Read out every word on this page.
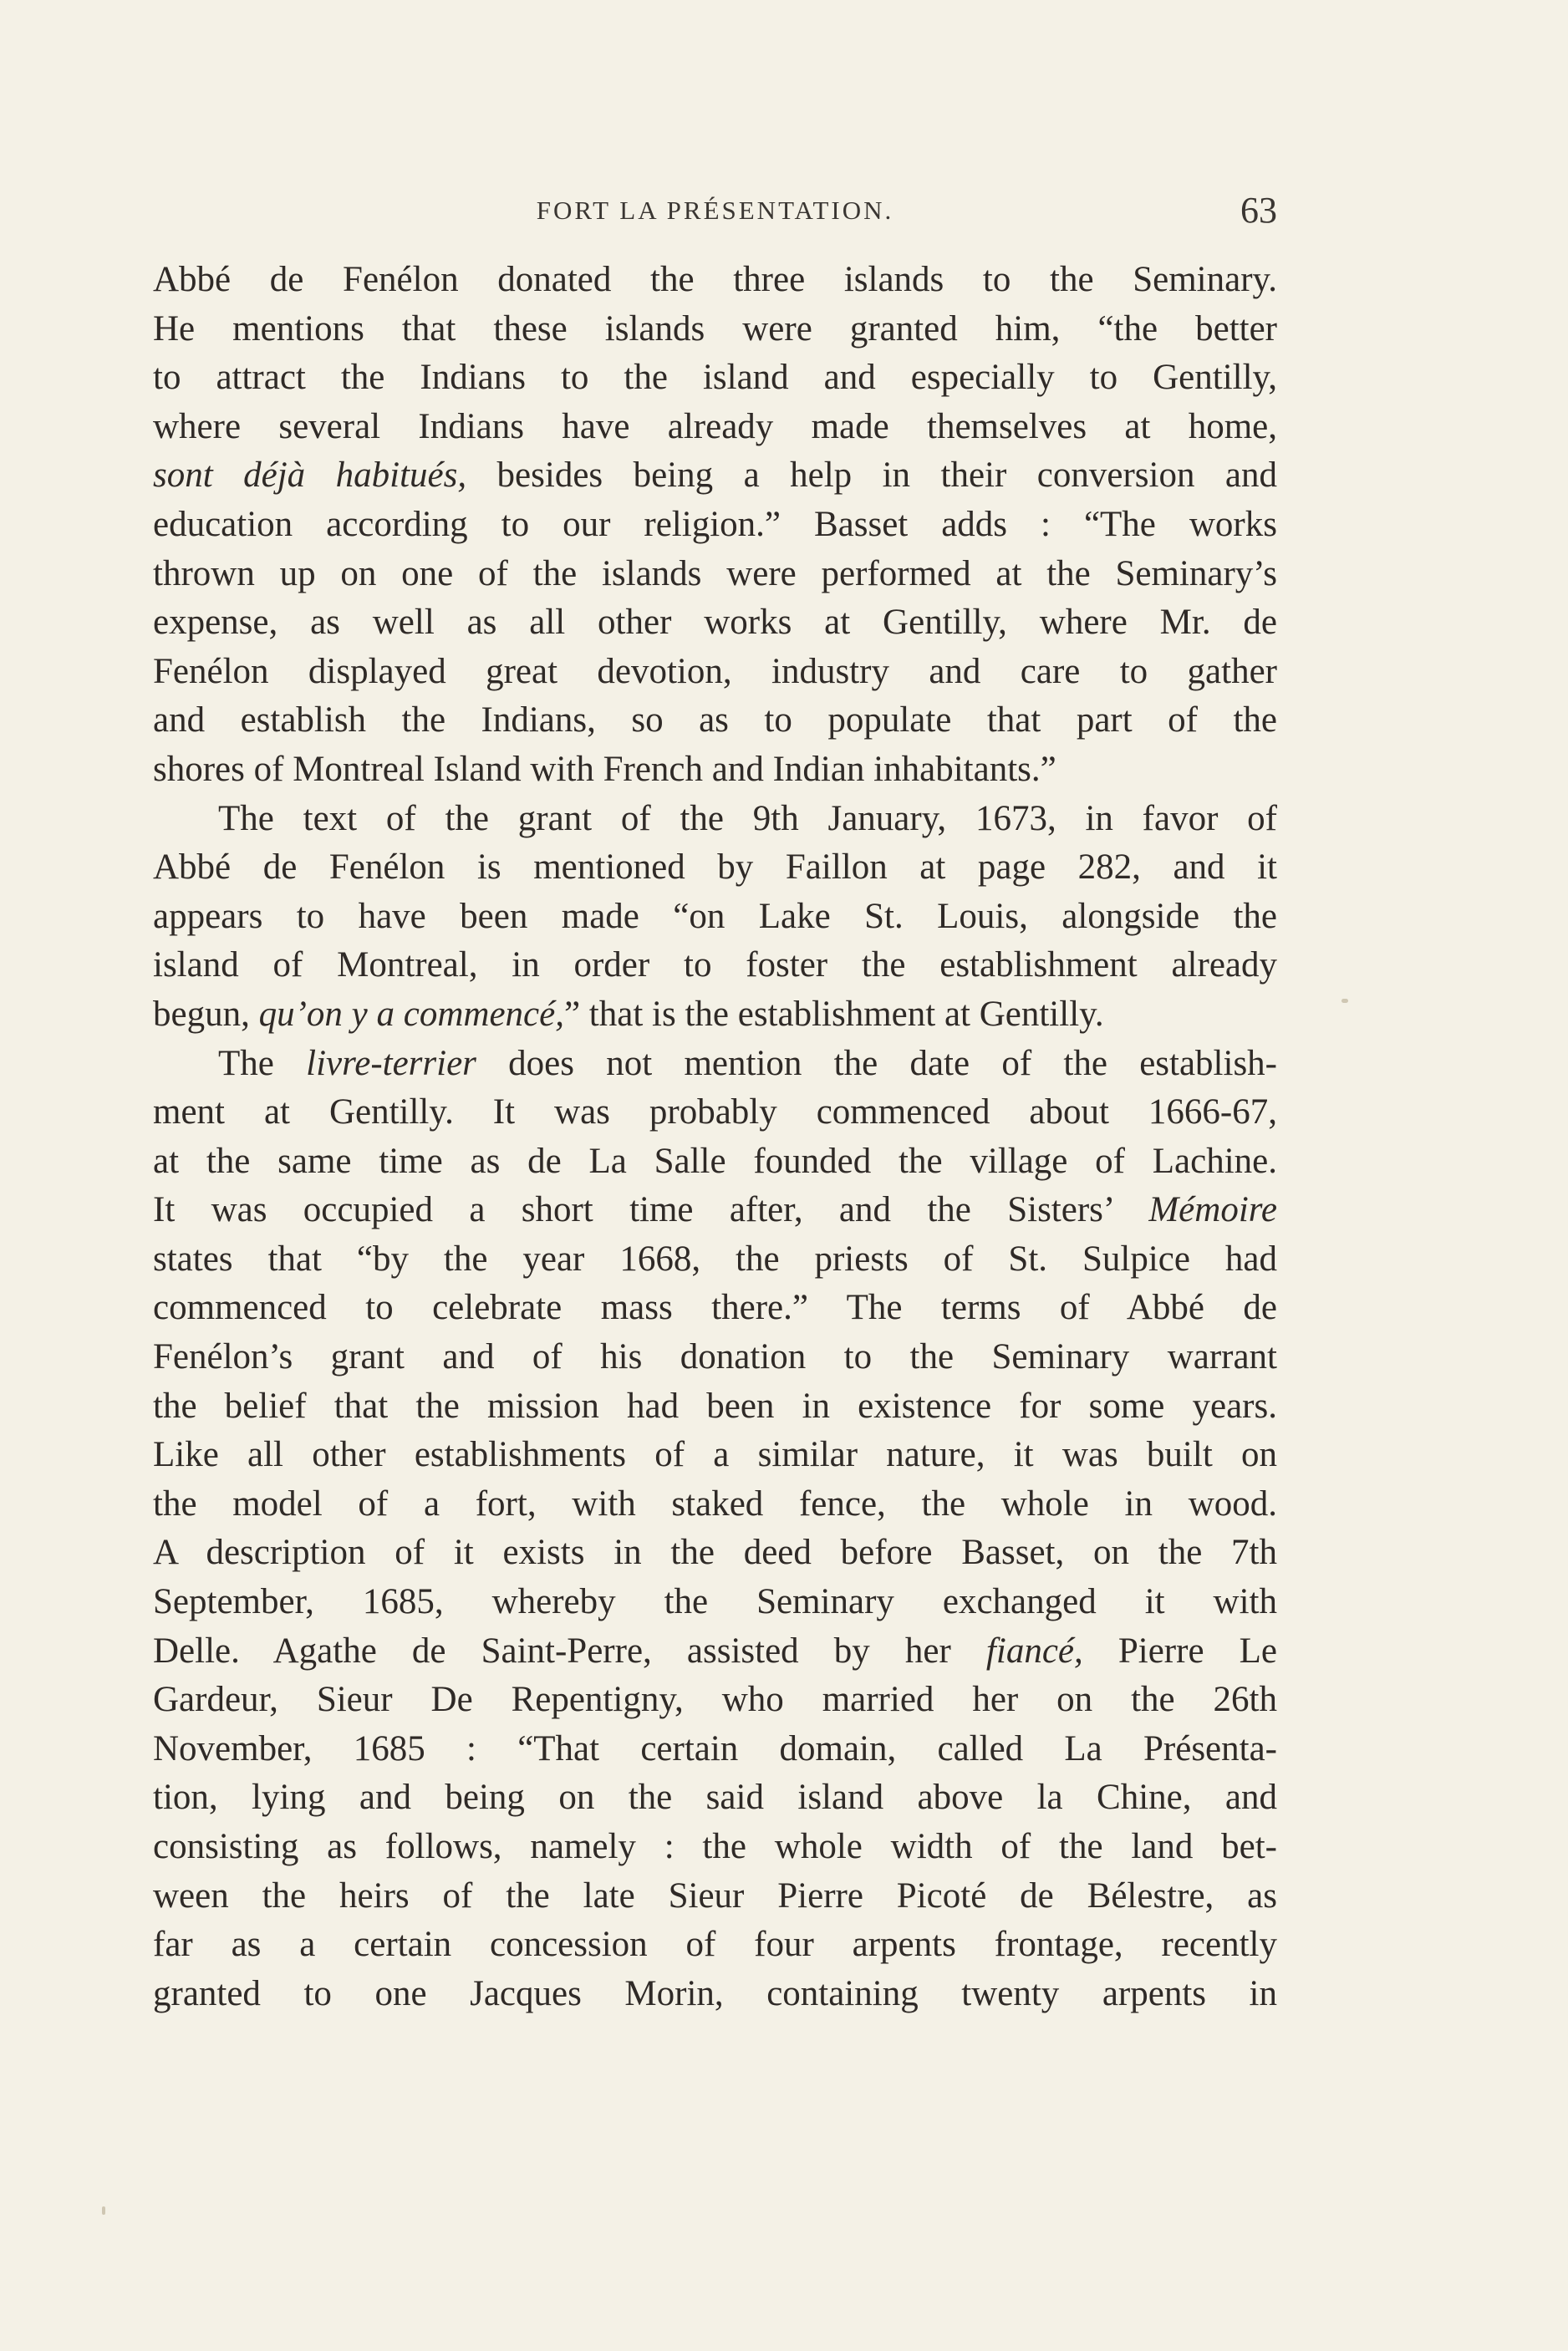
FORT LA PRÉSENTATION.	63
Abbé de Fenélon donated the three islands to the Seminary.
He mentions that these islands were granted him, “the better
to attract the Indians to the island and especially to Gentilly,
where several Indians have already made themselves at home,
sont déjà habitués, besides being a help in their conversion and
education according to our religion.” Basset adds : “The works
thrown up on one of the islands were performed at the Seminary’s
expense, as well as all other works at Gentilly, where Mr. de
Fenélon displayed great devotion, industry and care to gather
and establish the Indians, so as to populate that part of the
shores of Montreal Island with French and Indian inhabitants.”
The text of the grant of the 9th January, 1673, in favor of
Abbé de Fenélon is mentioned by Faillon at page 282, and it
appears to have been made “on Lake St. Louis, alongside the
island of Montreal, in order to foster the establishment already
begun, qu’on y a commencé,” that is the establishment at Gentilly.
The livre-terrier does not mention the date of the establish-
ment at Gentilly. It was probably commenced about 1666-67,
at the same time as de La Salle founded the village of Lachine.
It was occupied a short time after, and the Sisters’ Mémoire
states that “by the year 1668, the priests of St. Sulpice had
commenced to celebrate mass there.” The terms of Abbé de
Fenélon’s grant and of his donation to the Seminary warrant
the belief that the mission had been in existence for some years.
Like all other establishments of a similar nature, it was built on
the model of a fort, with staked fence, the whole in wood.
A description of it exists in the deed before Basset, on the 7th
September, 1685, whereby the Seminary exchanged it with
Delle. Agathe de Saint-Perre, assisted by her fiancé, Pierre Le
Gardeur, Sieur De Repentigny, who married her on the 26th
November, 1685 : “That certain domain, called La Présenta-
tion, lying and being on the said island above la Chine, and
consisting as follows, namely : the whole width of the land bet-
ween the heirs of the late Sieur Pierre Picoté de Bélestre, as
far as a certain concession of four arpents frontage, recently
granted to one Jacques Morin, containing twenty arpents in
